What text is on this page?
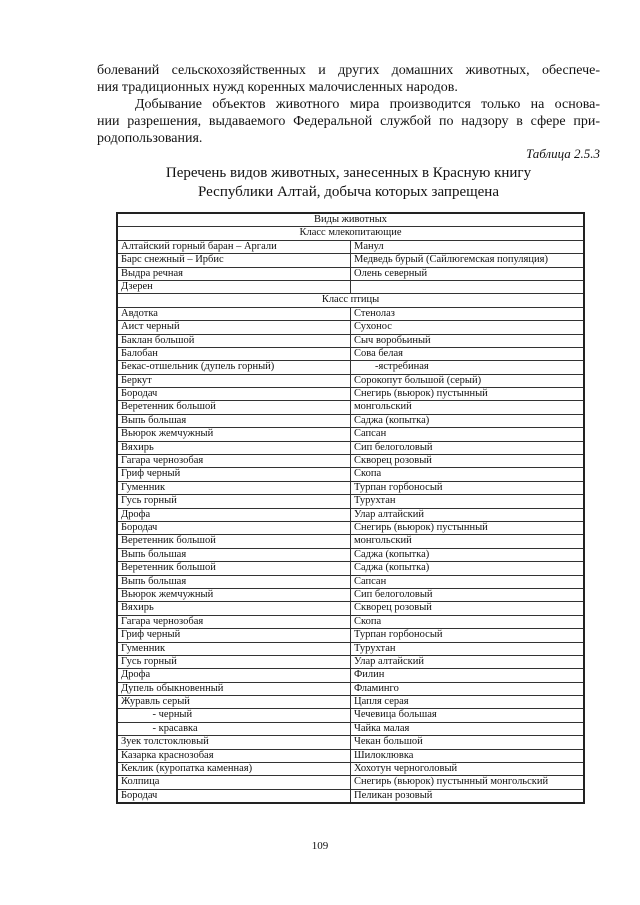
болеваний сельскохозяйственных и других домашних животных, обеспече-
ния традиционных нужд коренных малочисленных народов.

Добывание объектов животного мира производится только на основа-
нии разрешения, выдаваемого Федеральной службой по надзору в сфере при-
родопользования.

Таблица 2.5.3
Перечень видов животных, занесенных в Красную книгу
Республики Алтай, добыча которых запрещена
Виды животных	
Класс млекопитающие	
Алтайский горный баран – Аргали	Манул
Барс снежный – Ирбис	Медведь бурый (Сайлюгемская популяция)
Выдра речная	Олень северный
Дзерен	
Класс птицы	
Авдотка	Стенолаз
Аист черный	Сухонос
Баклан большой	Сыч воробьиный
Балобан	Сова белая
Бекас-отшельник (дупель горный)	-ястребиная
Беркут	Сорокопут большой (серый)
Бородач	Снегирь (вьюрок) пустынный
Веретенник большой	монгольский
Выпь большая	Саджа (копытка)
Вьюрок жемчужный	Сапсан
Вяхирь	Сип белоголовый
Гагара чернозобая	Скворец розовый
Гриф черный	Скопа
Гуменник	Турпан горбоносый
Гусь горный	Турухтан
Дрофа	Улар алтайский
Бородач	Снегирь (вьюрок) пустынный
Веретенник большой	монгольский
Выпь большая	Саджа (копытка)
Веретенник большой	Саджа (копытка)
Выпь большая	Сапсан
Вьюрок жемчужный	Сип белоголовый
Вяхирь	Скворец розовый
Гагара чернозобая	Скопа
Гриф черный	Турпан горбоносый
Гуменник	Турухтан
Гусь горный	Улар алтайский
Дрофа	Филин
Дупель обыкновенный	Фламинго
Журавль серый	Цапля серая
- черный	Чечевица большая
- красавка	Чайка малая
Зуек толстоклювый	Чекан большой
Казарка краснозобая	Шилоклювка
Кеклик (куропатка каменная)	Хохотун черноголовый
Колпица	Снегирь (вьюрок) пустынный монгольский
Бородач	Пеликан розовый
109
